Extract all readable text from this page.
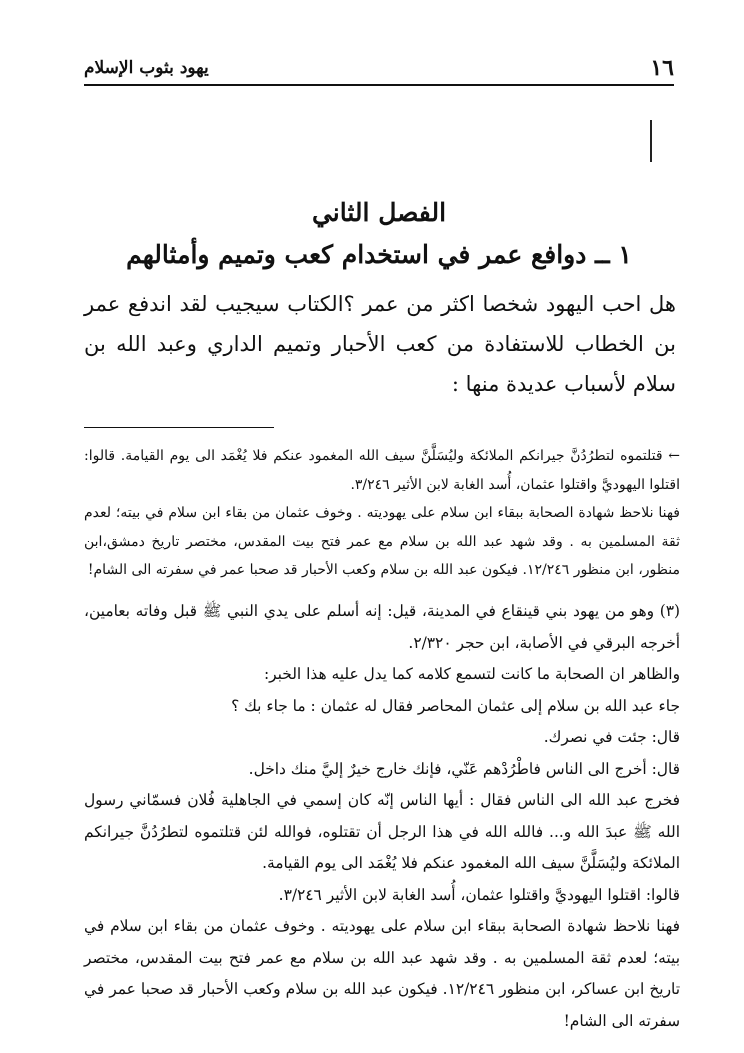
١٦
يهود بثوب الإسلام
الفصل الثاني
١ ــ دوافع عمر في استخدام كعب وتميم وأمثالهم

هل احب اليهود شخصا اكثر من عمر ؟الكتاب سيجيب لقد اندفع عمر بن الخطاب للاستفادة من كعب الأحبار وتميم الداري وعبد الله بن سلام لأسباب عديدة منها :

← قتلتموه لتطرُدُنَّ جيرانكم الملائكة وليُسَلَّنَّ سيف الله المغمود عنكم فلا يُغْمَد الى يوم القيامة. قالوا: اقتلوا اليهوديَّ واقتلوا عثمان، أُسد الغابة لابن الأثير ٣/٢٤٦.

فهنا نلاحظ شهادة الصحابة ببقاء ابن سلام على يهوديته . وخوف عثمان من بقاء ابن سلام في بيته؛ لعدم ثقة المسلمين به . وقد شهد عبد الله بن سلام مع عمر فتح بيت المقدس، مختصر تاريخ دمشق،ابن منظور، ابن منظور ١٢/٢٤٦. فيكون عبد الله بن سلام وكعب الأحبار قد صحبا عمر في سفرته الى الشام!

(٣) وهو من يهود بني قينقاع في المدينة، قيل: إنه أسلم على يدي النبي ﷺ قبل وفاته بعامين، أخرجه البرقي في الأصابة، ابن حجر ٢/٣٢٠.

والظاهر ان الصحابة ما كانت لتسمع كلامه كما يدل عليه هذا الخبر:

جاء عبد الله بن سلام إلى عثمان المحاصر فقال له عثمان : ما جاء بك ؟

قال: جئت في نصرك.

قال: أخرج الى الناس فاطْرُدْهم عَنّي، فإنك خارج خيرٌ إليَّ منك داخل.

فخرج عبد الله الى الناس فقال : أيها الناس إنّه كان إسمي في الجاهلية فُلان فسمّاني رسول الله ﷺ عبدَ الله و... فالله الله في هذا الرجل أن تقتلوه، فوالله لئن قتلتموه لتطرُدُنَّ جيرانكم الملائكة وليُسَلَّنَّ سيف الله المغمود عنكم فلا يُغْمَد الى يوم القيامة.

قالوا: اقتلوا اليهوديَّ واقتلوا عثمان، أُسد الغابة لابن الأثير ٣/٢٤٦.

فهنا نلاحظ شهادة الصحابة ببقاء ابن سلام على يهوديته . وخوف عثمان من بقاء ابن سلام في بيته؛ لعدم ثقة المسلمين به . وقد شهد عبد الله بن سلام مع عمر فتح بيت المقدس، مختصر تاريخ ابن عساكر، ابن منظور ١٢/٢٤٦. فيكون عبد الله بن سلام وكعب الأحبار قد صحبا عمر في سفرته الى الشام!
